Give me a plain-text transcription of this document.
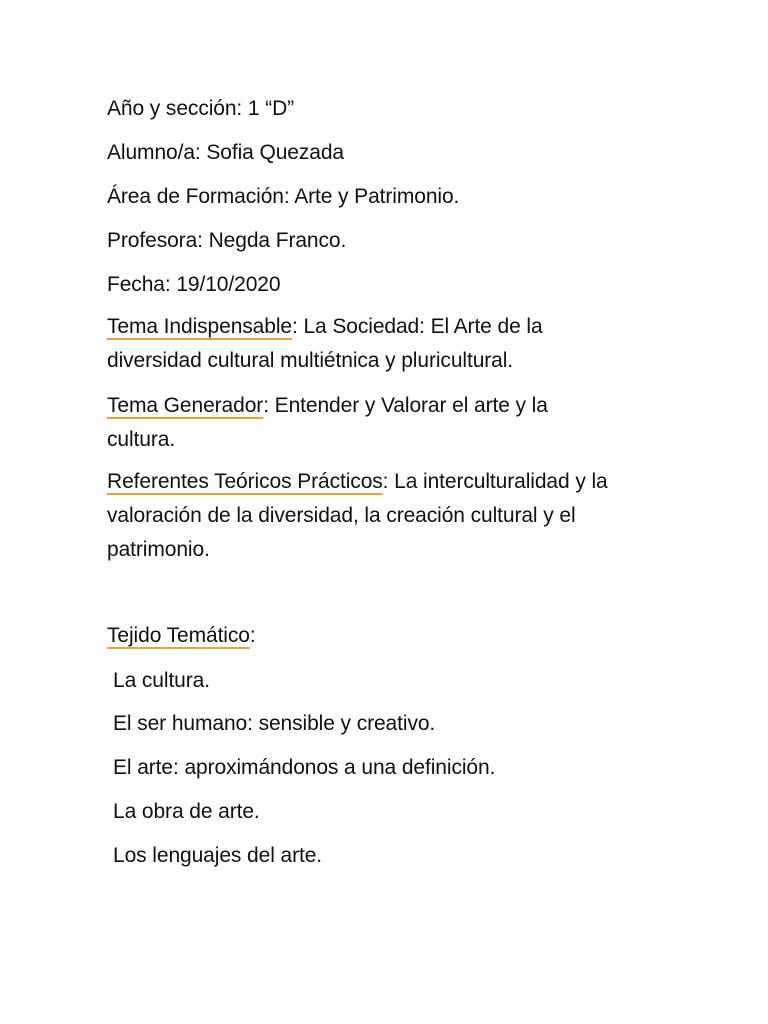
Año y sección: 1 “D”
Alumno/a: Sofia Quezada
Área de Formación: Arte y Patrimonio.
Profesora: Negda Franco.
Fecha: 19/10/2020
Tema Indispensable: La Sociedad: El Arte de la
diversidad cultural multiétnica y pluricultural.
Tema Generador: Entender y Valorar el arte y la
cultura.
Referentes Teóricos Prácticos: La interculturalidad y la
valoración de la diversidad, la creación cultural y el
patrimonio.
Tejido Temático:
La cultura.
El ser humano: sensible y creativo.
El arte: aproximándonos a una definición.
La obra de arte.
Los lenguajes del arte.
